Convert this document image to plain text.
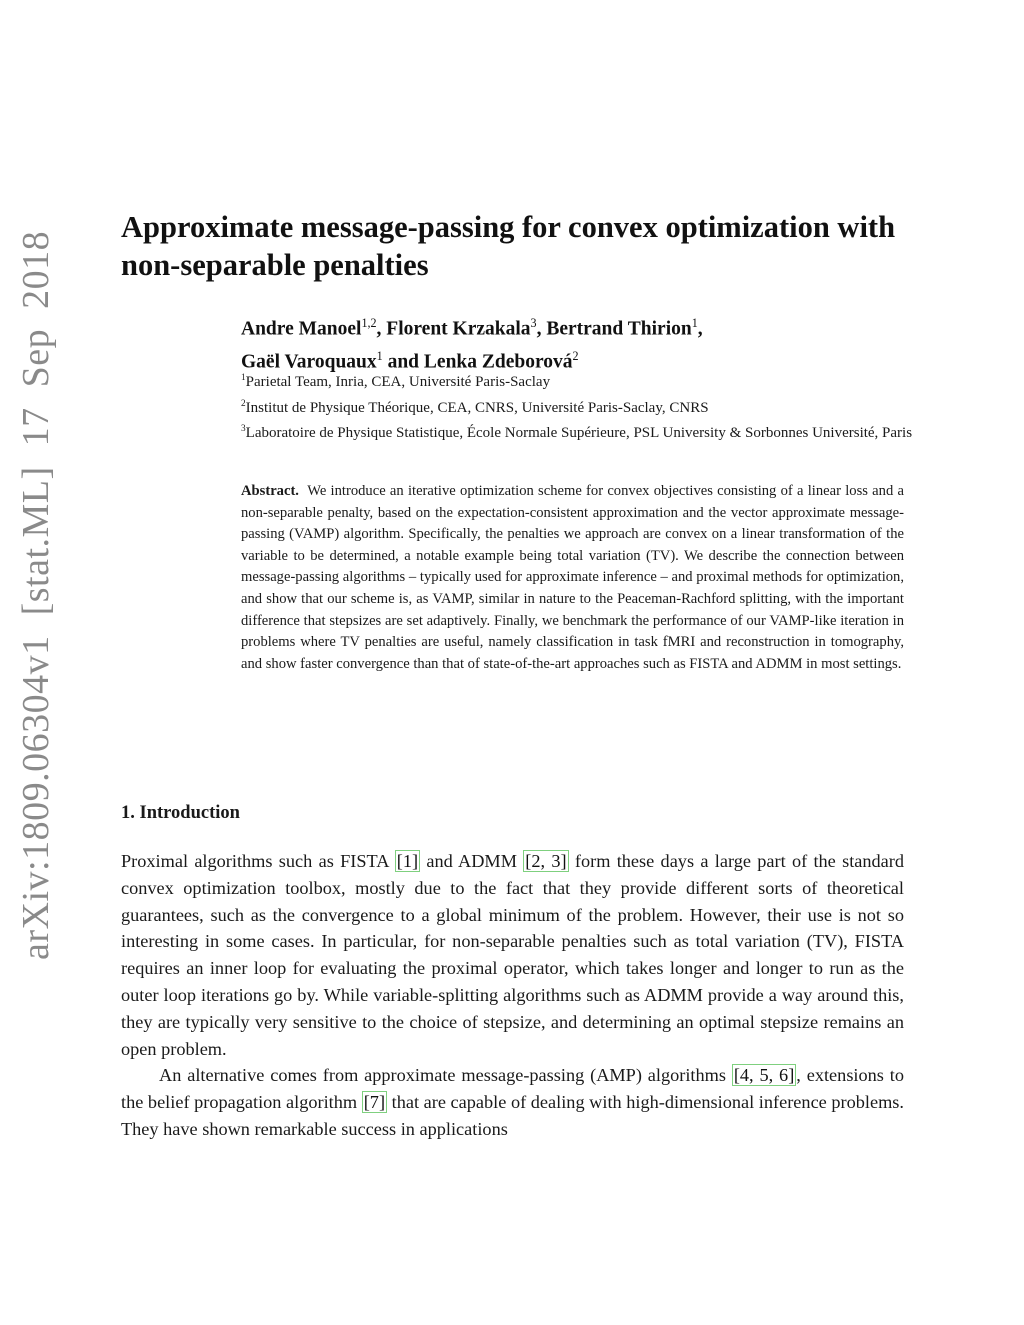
arXiv:1809.06304v1 [stat.ML] 17 Sep 2018
Approximate message-passing for convex optimization with non-separable penalties
Andre Manoel$^{1,2}$, Florent Krzakala$^3$, Bertrand Thirion$^1$,
Gaël Varoquaux$^1$ and Lenka Zdeborová$^2$

$^1$Parietal Team, Inria, CEA, Université Paris-Saclay

$^2$Institut de Physique Théorique, CEA, CNRS, Université Paris-Saclay, CNRS

$^3$Laboratoire de Physique Statistique, École Normale Supérieure, PSL University & Sorbonnes Université, Paris

Abstract. We introduce an iterative optimization scheme for convex objectives consisting of a linear loss and a non-separable penalty, based on the expectation-consistent approximation and the vector approximate message-passing (VAMP) algorithm. Specifically, the penalties we approach are convex on a linear transformation of the variable to be determined, a notable example being total variation (TV). We describe the connection between message-passing algorithms – typically used for approximate inference – and proximal methods for optimization, and show that our scheme is, as VAMP, similar in nature to the Peaceman-Rachford splitting, with the important difference that stepsizes are set adaptively. Finally, we benchmark the performance of our VAMP-like iteration in problems where TV penalties are useful, namely classification in task fMRI and reconstruction in tomography, and show faster convergence than that of state-of-the-art approaches such as FISTA and ADMM in most settings.

1. Introduction

Proximal algorithms such as FISTA [1] and ADMM [2, 3] form these days a large part of the standard convex optimization toolbox, mostly due to the fact that they provide different sorts of theoretical guarantees, such as the convergence to a global minimum of the problem. However, their use is not so interesting in some cases. In particular, for non-separable penalties such as total variation (TV), FISTA requires an inner loop for evaluating the proximal operator, which takes longer and longer to run as the outer loop iterations go by. While variable-splitting algorithms such as ADMM provide a way around this, they are typically very sensitive to the choice of stepsize, and determining an optimal stepsize remains an open problem.

An alternative comes from approximate message-passing (AMP) algorithms [4, 5, 6] , extensions to the belief propagation algorithm [7] that are capable of dealing with high-dimensional inference problems. They have shown remarkable success in applications
